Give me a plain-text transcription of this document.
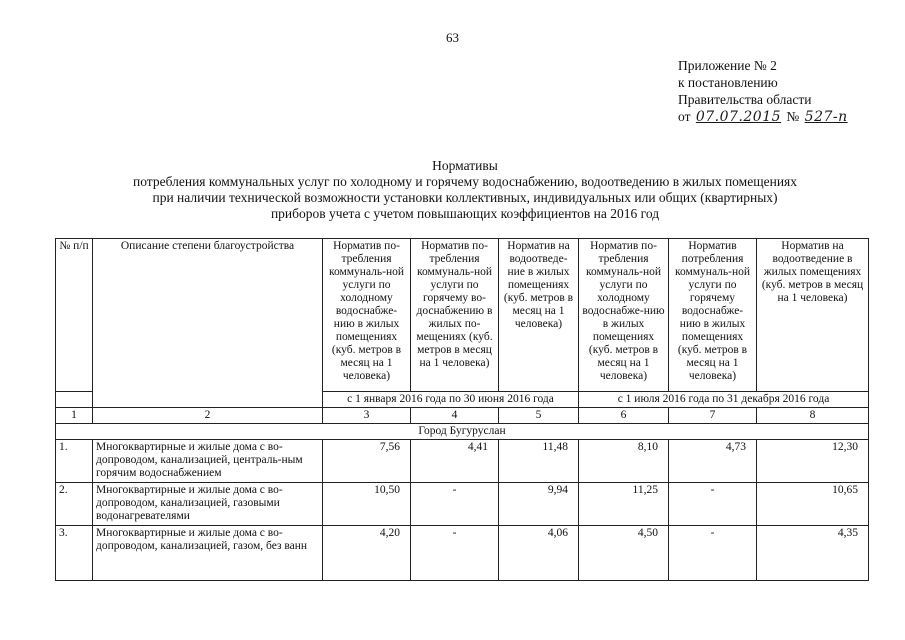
63
Приложение № 2
к постановлению
Правительства области
от 07.07.2015 № 527-п
Нормативы
потребления коммунальных услуг по холодному и горячему водоснабжению, водоотведению в жилых помещениях
при наличии технической возможности установки коллективных, индивидуальных или общих (квартирных)
приборов учета с учетом повышающих коэффициентов на 2016 год
№ п/п	Описание степени благоустройства	Норматив по-требления коммуналь-ной услуги по холодному водоснабже-нию в жилых помещениях (куб. метров в месяц на 1 человека)	Норматив по-требления коммуналь-ной услуги по горячему во-доснабжению в жилых по-мещениях (куб. метров в месяц на 1 человека)	Норматив на водоотведе-ние в жилых помещениях (куб. метров в месяц на 1 человека)	Норматив по-требления коммуналь-ной услуги по холодному водоснабже-нию в жилых помещениях (куб. метров в месяц на 1 человека)	Норматив потребления коммуналь-ной услуги по горячему водоснабже-нию в жилых помещениях (куб. метров в месяц на 1 человека)	Норматив на водоотведение в жилых помещениях (куб. метров в месяц на 1 человека)
		с 1 января 2016 года по 30 июня 2016 года			с 1 июля 2016 года по 31 декабря 2016 года		
1	2	3	4	5	6	7	8
Город Бугуруслан							
1.	Многоквартирные и жилые дома с во-допроводом, канализацией, централь-ным горячим водоснабжением	7,56	4,41	11,48	8,10	4,73	12,30
2.	Многоквартирные и жилые дома с во-допроводом, канализацией, газовыми водонагревателями	10,50	-	9,94	11,25	-	10,65
3.	Многоквартирные и жилые дома с во-допроводом, канализацией, газом, без ванн	4,20	-	4,06	4,50	-	4,35
